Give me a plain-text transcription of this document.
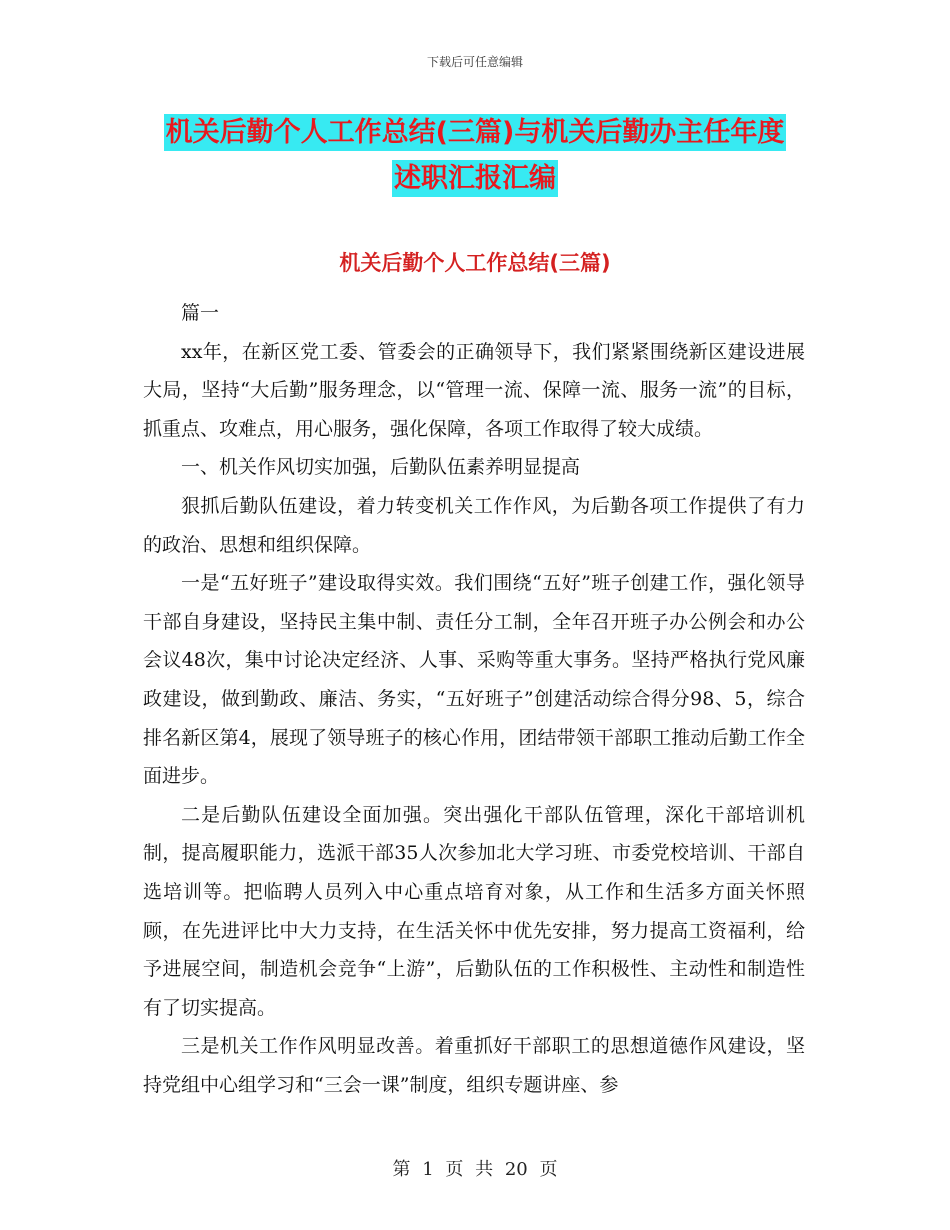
下载后可任意编辑
机关后勤个人工作总结(三篇)与机关后勤办主任年度
述职汇报汇编
机关后勤个人工作总结(三篇)

篇一

xx年，在新区党工委、管委会的正确领导下，我们紧紧围绕新区建设进展大局，坚持“大后勤”服务理念，以“管理一流、保障一流、服务一流”的目标，抓重点、攻难点，用心服务，强化保障，各项工作取得了较大成绩。

一、机关作风切实加强，后勤队伍素养明显提高

狠抓后勤队伍建设，着力转变机关工作作风，为后勤各项工作提供了有力的政治、思想和组织保障。

一是“五好班子”建设取得实效。我们围绕“五好”班子创建工作，强化领导干部自身建设，坚持民主集中制、责任分工制，全年召开班子办公例会和办公会议48次，集中讨论决定经济、人事、采购等重大事务。坚持严格执行党风廉政建设，做到勤政、廉洁、务实，“五好班子”创建活动综合得分98、5，综合排名新区第4，展现了领导班子的核心作用，团结带领干部职工推动后勤工作全面进步。

二是后勤队伍建设全面加强。突出强化干部队伍管理，深化干部培训机制，提高履职能力，选派干部35人次参加北大学习班、市委党校培训、干部自选培训等。把临聘人员列入中心重点培育对象，从工作和生活多方面关怀照顾，在先进评比中大力支持，在生活关怀中优先安排，努力提高工资福利，给予进展空间，制造机会竞争“上游”，后勤队伍的工作积极性、主动性和制造性有了切实提高。

三是机关工作作风明显改善。着重抓好干部职工的思想道德作风建设，坚持党组中心组学习和“三会一课”制度，组织专题讲座、参

第 1 页 共 20 页
